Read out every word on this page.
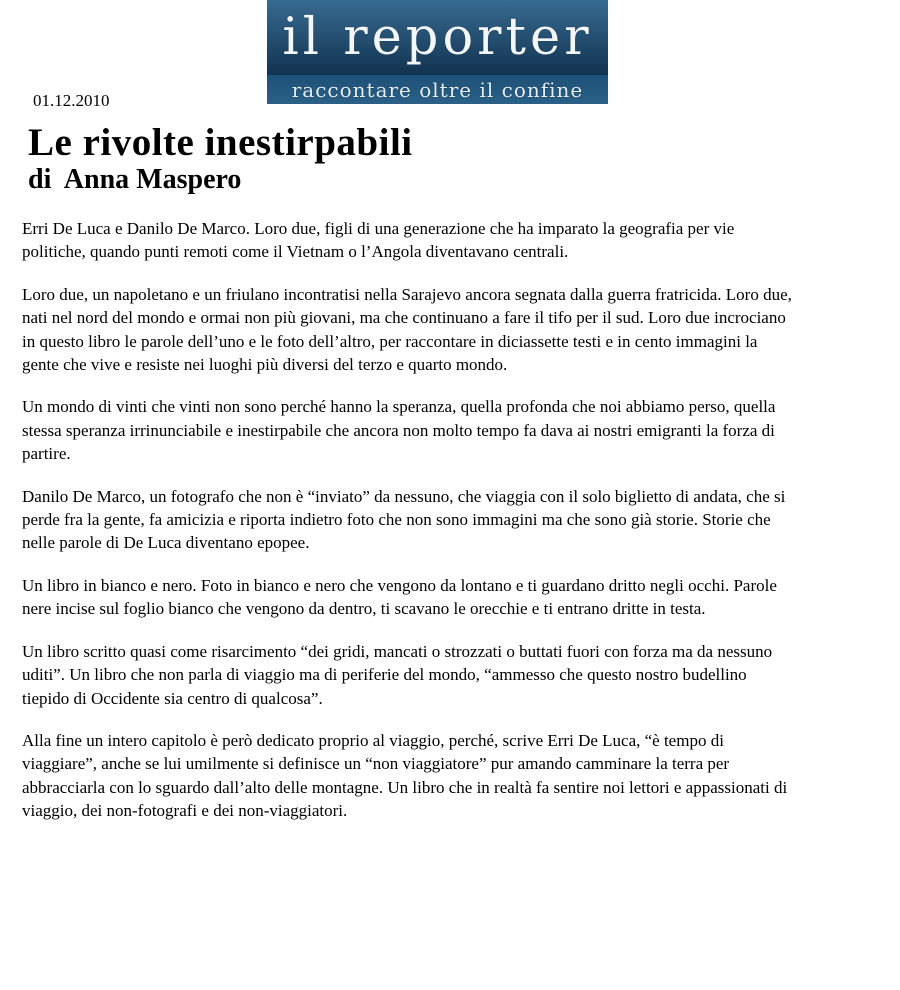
il reporter
raccontare oltre il confine
01.12.2010
Le rivolte inestirpabili
di  Anna Maspero

Erri De Luca e Danilo De Marco. Loro due, figli di una generazione che ha imparato la geografia per vie politiche, quando punti remoti come il Vietnam o l’Angola diventavano centrali.

Loro due, un napoletano e un friulano incontratisi nella Sarajevo ancora segnata dalla guerra fratricida. Loro due, nati nel nord del mondo e ormai non più giovani, ma che continuano a fare il tifo per il sud. Loro due incrociano in questo libro le parole dell’uno e le foto dell’altro, per raccontare in diciassette testi e in cento immagini la gente che vive e resiste nei luoghi più diversi del terzo e quarto mondo.

Un mondo di vinti che vinti non sono perché hanno la speranza, quella profonda che noi abbiamo perso, quella stessa speranza irrinunciabile e inestirpabile che ancora non molto tempo fa dava ai nostri emigranti la forza di partire.

Danilo De Marco, un fotografo che non è “inviato” da nessuno, che viaggia con il solo biglietto di andata, che si perde fra la gente, fa amicizia e riporta indietro foto che non sono immagini ma che sono già storie. Storie che nelle parole di De Luca diventano epopee.

Un libro in bianco e nero. Foto in bianco e nero che vengono da lontano e ti guardano dritto negli occhi. Parole nere incise sul foglio bianco che vengono da dentro, ti scavano le orecchie e ti entrano dritte in testa.

Un libro scritto quasi come risarcimento “dei gridi, mancati o strozzati o buttati fuori con forza ma da nessuno uditi”. Un libro che non parla di viaggio ma di periferie del mondo, “ammesso che questo nostro budellino tiepido di Occidente sia centro di qualcosa”.

Alla fine un intero capitolo è però dedicato proprio al viaggio, perché, scrive Erri De Luca, “è tempo di viaggiare”, anche se lui umilmente si definisce un “non viaggiatore” pur amando camminare la terra per abbracciarla con lo sguardo dall’alto delle montagne. Un libro che in realtà fa sentire noi lettori e appassionati di viaggio, dei non-fotografi e dei non-viaggiatori.
